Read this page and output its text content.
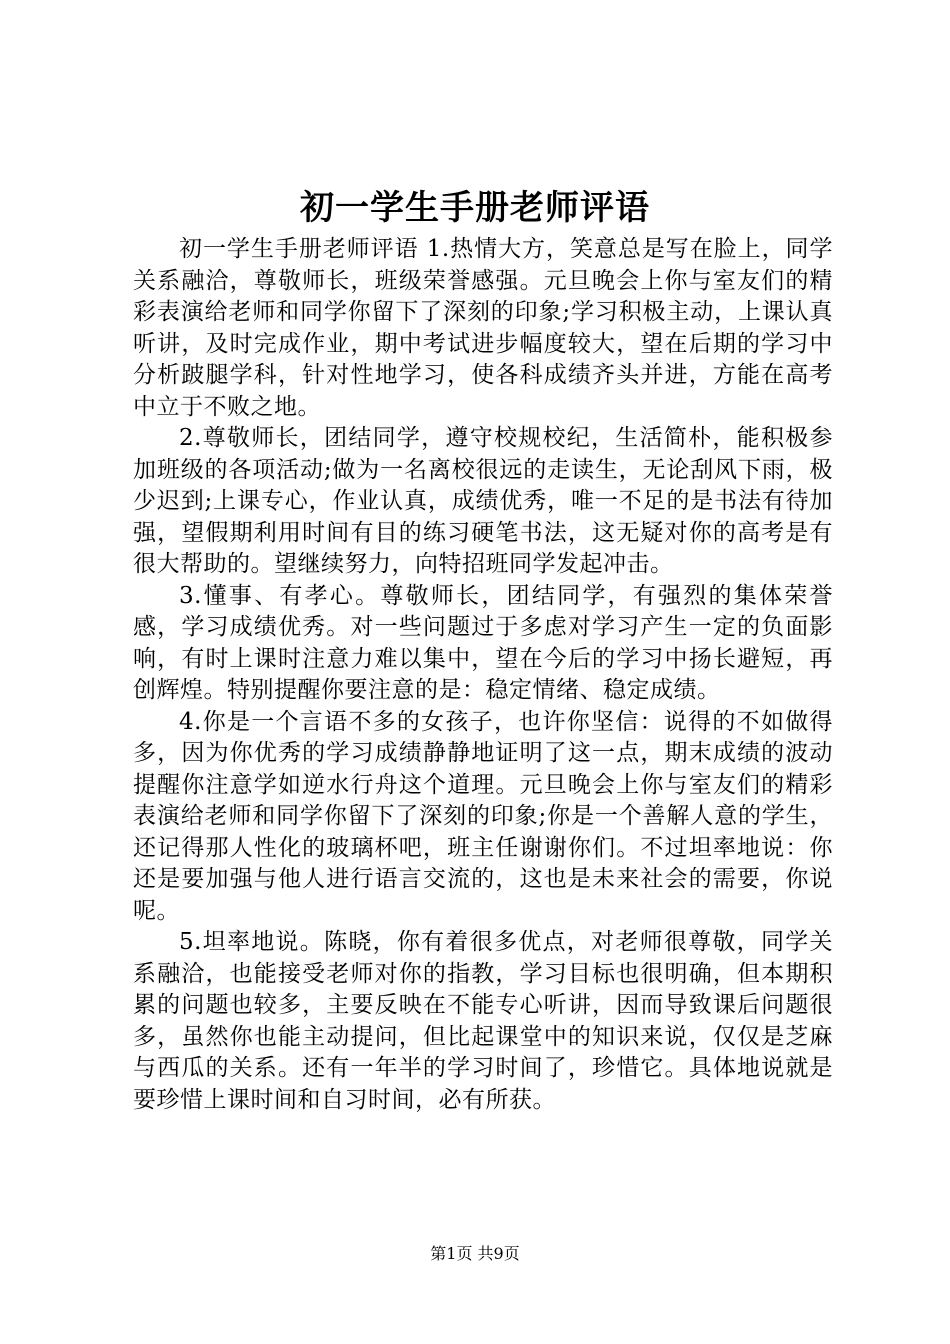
初一学生手册老师评语

初一学生手册老师评语 1.热情大方，笑意总是写在脸上，同学关系融洽，尊敬师长，班级荣誉感强。元旦晚会上你与室友们的精彩表演给老师和同学你留下了深刻的印象;学习积极主动，上课认真听讲，及时完成作业，期中考试进步幅度较大，望在后期的学习中分析跛腿学科，针对性地学习，使各科成绩齐头并进，方能在高考中立于不败之地。

2.尊敬师长，团结同学，遵守校规校纪，生活简朴，能积极参加班级的各项活动;做为一名离校很远的走读生，无论刮风下雨，极少迟到;上课专心，作业认真，成绩优秀，唯一不足的是书法有待加强，望假期利用时间有目的练习硬笔书法，这无疑对你的高考是有很大帮助的。望继续努力，向特招班同学发起冲击。

3.懂事、有孝心。尊敬师长，团结同学，有强烈的集体荣誉感，学习成绩优秀。对一些问题过于多虑对学习产生一定的负面影响，有时上课时注意力难以集中，望在今后的学习中扬长避短，再创辉煌。特别提醒你要注意的是：稳定情绪、稳定成绩。

4.你是一个言语不多的女孩子，也许你坚信：说得的不如做得多，因为你优秀的学习成绩静静地证明了这一点，期末成绩的波动提醒你注意学如逆水行舟这个道理。元旦晚会上你与室友们的精彩表演给老师和同学你留下了深刻的印象;你是一个善解人意的学生，还记得那人性化的玻璃杯吧，班主任谢谢你们。不过坦率地说：你还是要加强与他人进行语言交流的，这也是未来社会的需要，你说呢。

5.坦率地说。陈晓，你有着很多优点，对老师很尊敬，同学关系融洽，也能接受老师对你的指教，学习目标也很明确，但本期积累的问题也较多，主要反映在不能专心听讲，因而导致课后问题很多，虽然你也能主动提问，但比起课堂中的知识来说，仅仅是芝麻与西瓜的关系。还有一年半的学习时间了，珍惜它。具体地说就是要珍惜上课时间和自习时间，必有所获。

第1页 共9页
